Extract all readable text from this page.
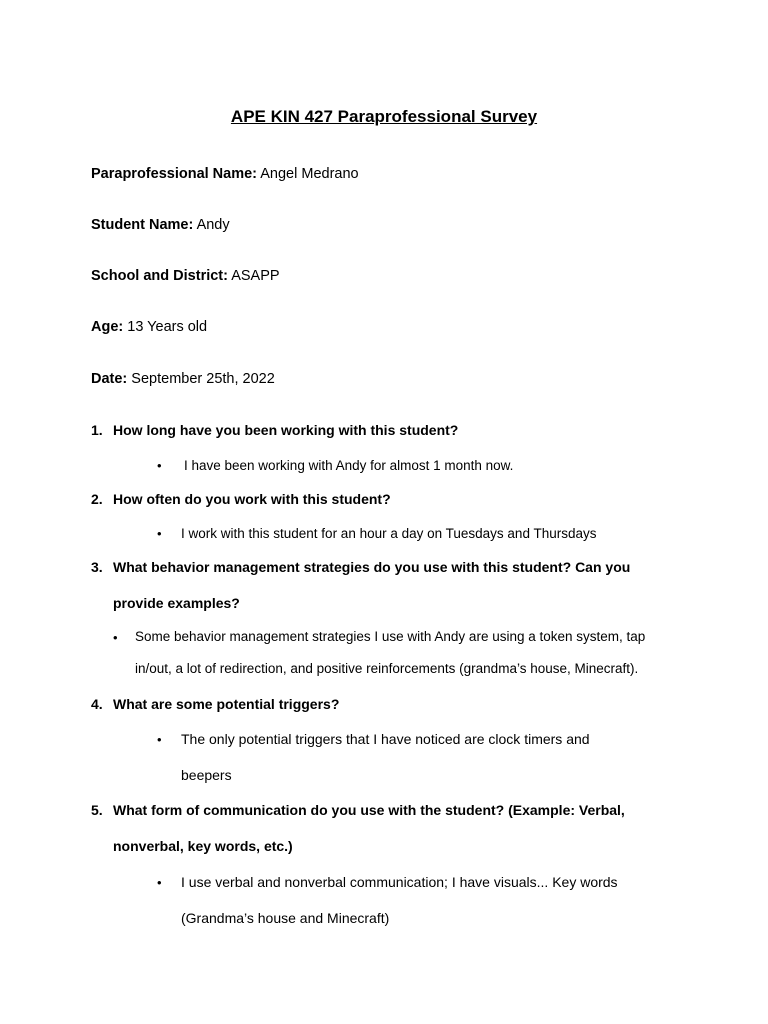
APE KIN 427 Paraprofessional Survey
Paraprofessional Name: Angel Medrano
Student Name: Andy
School and District: ASAPP
Age: 13 Years old
Date: September 25th, 2022
1. How long have you been working with this student?
• I have been working with Andy for almost 1 month now.
2. How often do you work with this student?
• I work with this student for an hour a day on Tuesdays and Thursdays
3. What behavior management strategies do you use with this student? Can you
provide examples?
• Some behavior management strategies I use with Andy are using a token system, tap
in/out, a lot of redirection, and positive reinforcements (grandma’s house, Minecraft).
4. What are some potential triggers?
• The only potential triggers that I have noticed are clock timers and
beepers
5. What form of communication do you use with the student? (Example: Verbal,
nonverbal, key words, etc.)
• I use verbal and nonverbal communication; I have visuals... Key words
(Grandma’s house and Minecraft)
